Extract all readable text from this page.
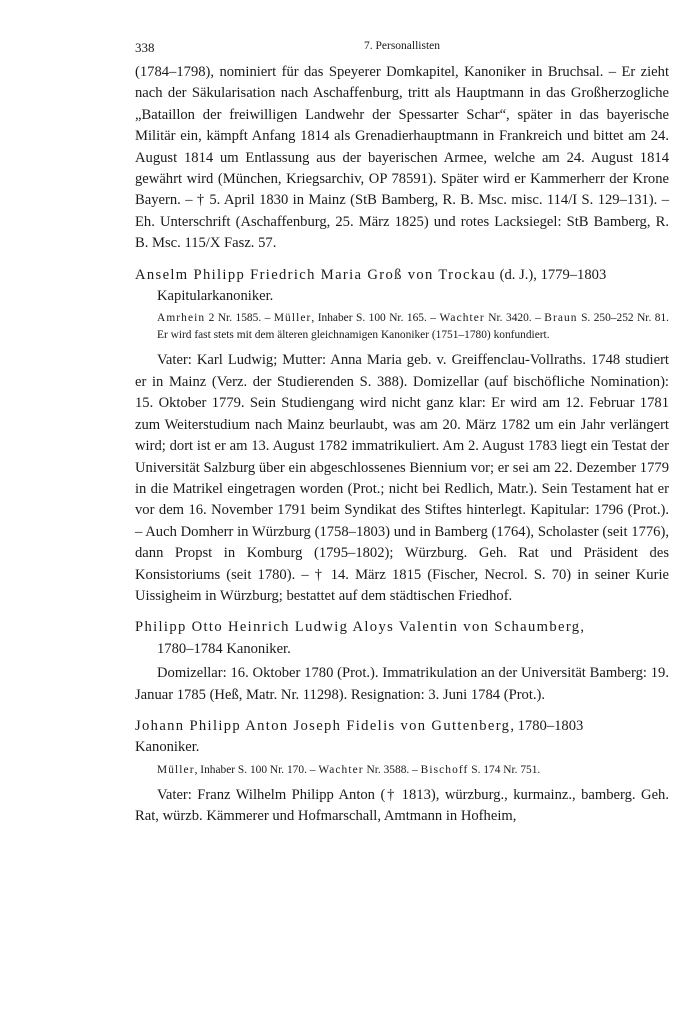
338	7. Personallisten

(1784–1798), nominiert für das Speyerer Domkapitel, Kanoniker in Bruchsal. – Er zieht nach der Säkularisation nach Aschaffenburg, tritt als Hauptmann in das Großherzogliche „Bataillon der freiwilligen Landwehr der Spessarter Schar“, später in das bayerische Militär ein, kämpft Anfang 1814 als Grenadierhauptmann in Frankreich und bittet am 24. August 1814 um Entlassung aus der bayerischen Armee, welche am 24. August 1814 gewährt wird (München, Kriegsarchiv, OP 78591). Später wird er Kammerherr der Krone Bayern. – † 5. April 1830 in Mainz (StB Bamberg, R. B. Msc. misc. 114/I S. 129–131). – Eh. Unterschrift (Aschaffenburg, 25. März 1825) und rotes Lacksiegel: StB Bamberg, R. B. Msc. 115/X Fasz. 57.

Anselm Philipp Friedrich Maria Groß von Trockau (d. J.), 1779–1803
Kapitularkanoniker.

Amrhein 2 Nr. 1585. – Müller, Inhaber S. 100 Nr. 165. – Wachter Nr. 3420. – Braun S. 250–252 Nr. 81. Er wird fast stets mit dem älteren gleichnamigen Kanoniker (1751–1780) konfundiert.

Vater: Karl Ludwig; Mutter: Anna Maria geb. v. Greiffenclau-Vollraths. 1748 studiert er in Mainz (Verz. der Studierenden S. 388). Domizellar (auf bischöfliche Nomination): 15. Oktober 1779. Sein Studiengang wird nicht ganz klar: Er wird am 12. Februar 1781 zum Weiterstudium nach Mainz beurlaubt, was am 20. März 1782 um ein Jahr verlängert wird; dort ist er am 13. August 1782 immatrikuliert. Am 2. August 1783 liegt ein Testat der Universität Salzburg über ein abgeschlossenes Biennium vor; er sei am 22. Dezember 1779 in die Matrikel eingetragen worden (Prot.; nicht bei Redlich, Matr.). Sein Testament hat er vor dem 16. November 1791 beim Syndikat des Stiftes hinterlegt. Kapitular: 1796 (Prot.). – Auch Domherr in Würzburg (1758–1803) und in Bamberg (1764), Scholaster (seit 1776), dann Propst in Komburg (1795–1802); Würzburg. Geh. Rat und Präsident des Konsistoriums (seit 1780). – † 14. März 1815 (Fischer, Necrol. S. 70) in seiner Kurie Uissigheim in Würzburg; bestattet auf dem städtischen Friedhof.

Philipp Otto Heinrich Ludwig Aloys Valentin von Schaumberg,
1780–1784 Kanoniker.

Domizellar: 16. Oktober 1780 (Prot.). Immatrikulation an der Universität Bamberg: 19. Januar 1785 (Heß, Matr. Nr. 11298). Resignation: 3. Juni 1784 (Prot.).

Johann Philipp Anton Joseph Fidelis von Guttenberg, 1780–1803
Kanoniker.

Müller, Inhaber S. 100 Nr. 170. – Wachter Nr. 3588. – Bischoff S. 174 Nr. 751.

Vater: Franz Wilhelm Philipp Anton († 1813), würzburg., kurmainz., bamberg. Geh. Rat, würzb. Kämmerer und Hofmarschall, Amtmann in Hofheim,
